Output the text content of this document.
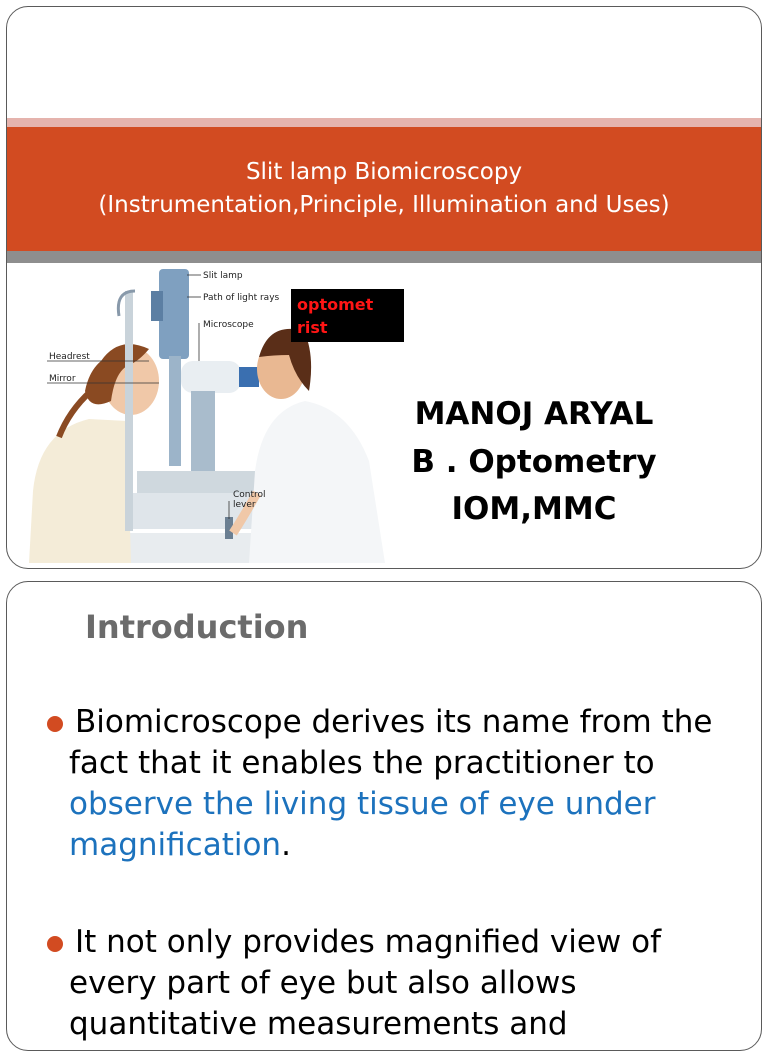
Slit lamp Biomicroscopy
(Instrumentation,Principle, Illumination and Uses)
Slit lamp
Path of light rays
Microscope
Headrest
Mirror
Control
lever
optomet
rist
MANOJ ARYAL
B . Optometry
IOM,MMC
Introduction
Biomicroscope derives its name from the fact that it enables the practitioner to observe the living tissue of eye under magnification.
It not only provides magnified view of every part of eye but also allows quantitative measurements and
